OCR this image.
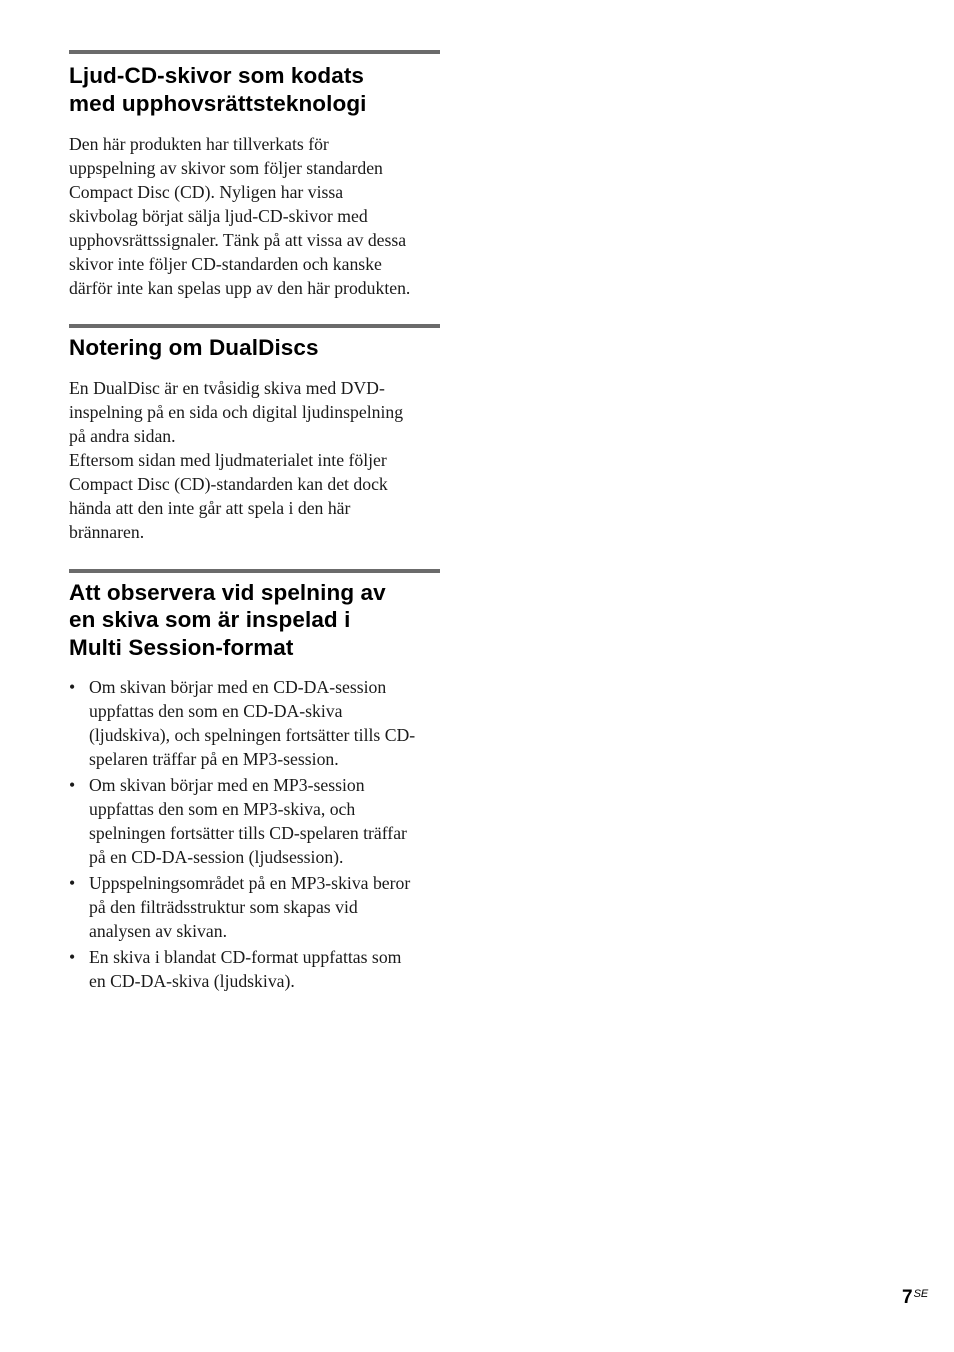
Ljud-CD-skivor som kodats
med upphovsrättsteknologi
Den här produkten har tillverkats för
uppspelning av skivor som följer standarden
Compact Disc (CD). Nyligen har vissa
skivbolag börjat sälja ljud-CD-skivor med
upphovsrättssignaler. Tänk på att vissa av dessa
skivor inte följer CD-standarden och kanske
därför inte kan spelas upp av den här produkten.
Notering om DualDiscs
En DualDisc är en tvåsidig skiva med DVD-
inspelning på en sida och digital ljudinspelning
på andra sidan.
Eftersom sidan med ljudmaterialet inte följer
Compact Disc (CD)-standarden kan det dock
hända att den inte går att spela i den här
brännaren.
Att observera vid spelning av
en skiva som är inspelad i
Multi Session-format
• Om skivan börjar med en CD-DA-session
uppfattas den som en CD-DA-skiva
(ljudskiva), och spelningen fortsätter tills CD-
spelaren träffar på en MP3-session.
• Om skivan börjar med en MP3-session
uppfattas den som en MP3-skiva, och
spelningen fortsätter tills CD-spelaren träffar
på en CD-DA-session (ljudsession).
• Uppspelningsområdet på en MP3-skiva beror
på den filträdsstruktur som skapas vid
analysen av skivan.
• En skiva i blandat CD-format uppfattas som
en CD-DA-skiva (ljudskiva).
$7^{SE}$
